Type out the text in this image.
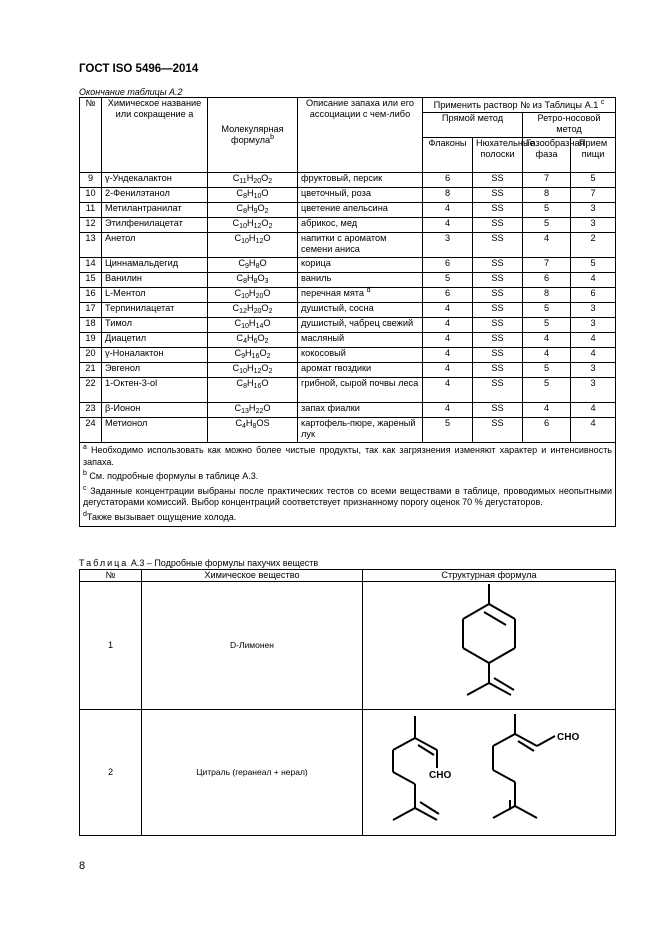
ГОСТ ISO 5496—2014
Окончание таблицы А.2
№	Химическое название или сокращение a	Молекулярная формула$^b$	Описание запаха или его ассоциации с чем-либо	Применить раствор № из Таблицы А.1 $^c$
				Прямой метод		Ретро-носовой метод	
				Флаконы	Нюхательные полоски	Газообразная фаза	Прием пищи
9	γ-Ундекалактон	$C_{11}H_{20}O_2$	фруктовый, персик	6	SS	7	5
10	2-Фенилэтанол	$C_8H_{10}O$	цветочный, роза	8	SS	8	7
11	Метилантранилат	$C_8H_9O_2$	цветение апельсина	4	SS	5	3
12	Этилфенилацетат	$C_{10}H_{12}O_2$	абрикос, мед	4	SS	5	3
13	Анетол	$C_{10}H_{12}O$	напитки с ароматом семени аниса	3	SS	4	2
14	Циннамальдегид	$C_9H_8O$	корица	6	SS	7	5
15	Ванилин	$C_8H_8O_3$	ваниль	5	SS	6	4
16	L-Ментол	$C_{10}H_{20}O$	перечная мята $^d$	6	SS	8	6
17	Терпинилацетат	$C_{12}H_{20}O_2$	душистый, сосна	4	SS	5	3
18	Тимол	$C_{10}H_{14}O$	душистый, чабрец свежий	4	SS	5	3
19	Диацетил	$C_4H_6O_2$	масляный	4	SS	4	4
20	γ-Ноналактон	$C_9H_{16}O_2$	кокосовый	4	SS	4	4
21	Эвгенол	$C_{10}H_{12}O_2$	аромат гвоздики	4	SS	5	3
22	1-Октен-3-ol	$C_8H_{16}O$	грибной, сырой почвы леса	4	SS	5	3
23	β-Ионон	$C_{13}H_{22}O$	запах фиалки	4	SS	4	4
24	Метионол	$C_4H_8OS$	картофель-пюре, жареный лук	5	SS	6	4

$^a$ Необходимо использовать как можно более чистые продукты, так как загрязнения изменяют характер и интенсивность запаха.
$^b$ См. подробные формулы в таблице А.3.
$^c$ Заданные концентрации выбраны после практических тестов со всеми веществами в таблице, проводимых неопытными дегустаторами комиссий. Выбор концентраций соответствует признанному порогу оценок 70 % дегустаторов.
$^d$Также вызывает ощущение холода.							
Таблица А.3 – Подробные формулы пахучих веществ
№	Химическое вещество	Структурная формула
1	D-Лимонен	
2	Цитраль (геранеал + нерал)	CHO
CHO
8
